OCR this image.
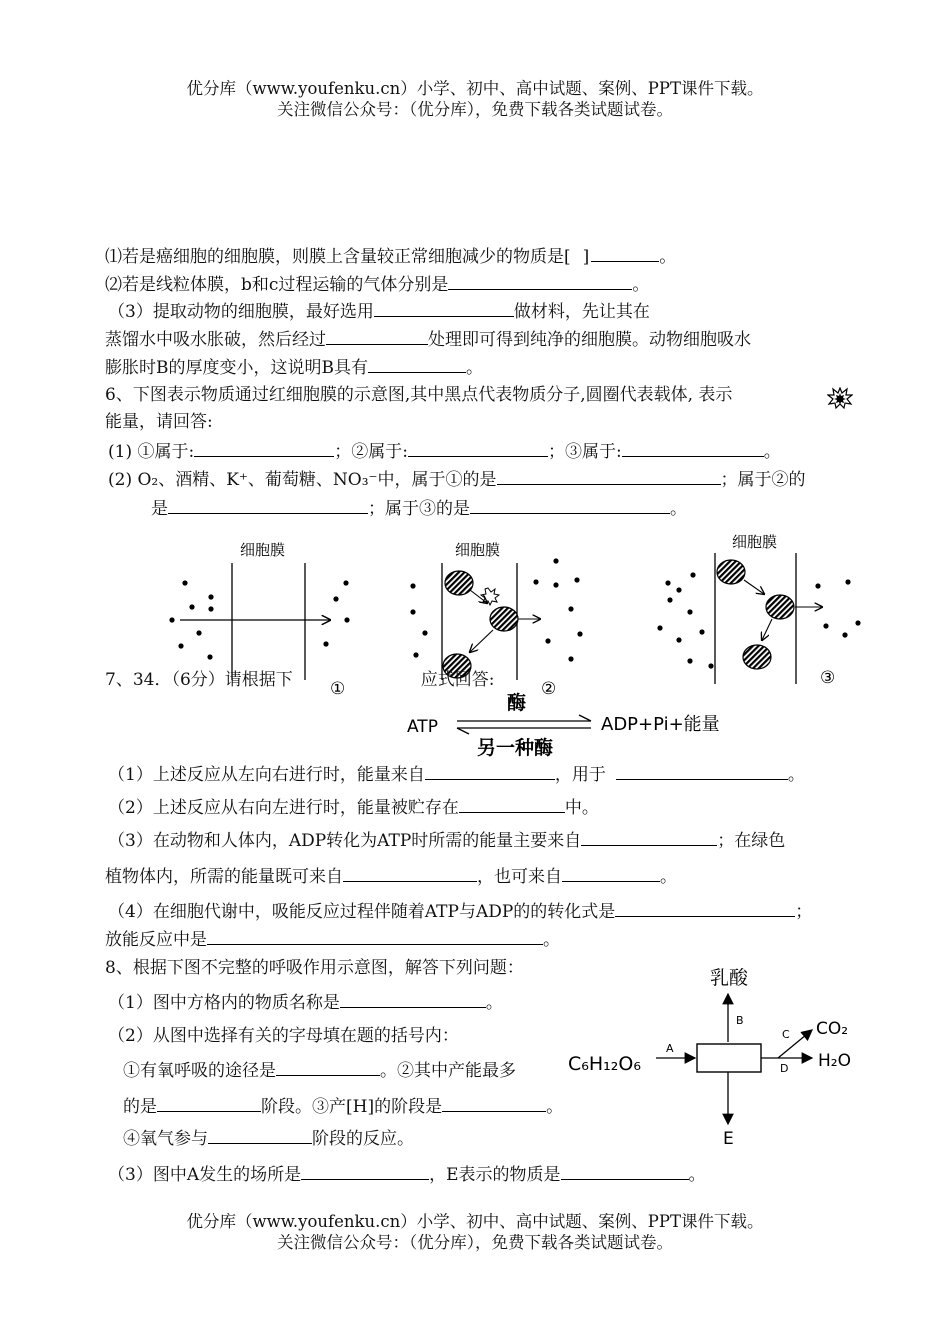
优分库（www.youfenku.cn）小学、初中、高中试题、案例、PPT课件下载。
关注微信公众号：（优分库），免费下载各类试题试卷。
⑴若是癌细胞的细胞膜，则膜上含量较正常细胞减少的物质是[ ]	。
⑵若是线粒体膜，b和c过程运输的气体分别是	。
（3）提取动物的细胞膜，最好选用	做材料，先让其在
蒸馏水中吸水胀破，然后经过	处理即可得到纯净的细胞膜。动物细胞吸水
膨胀时B的厚度变小，这说明B具有	。
6、下图表示物质通过红细胞膜的示意图,其中黑点代表物质分子,圆圈代表载体, 表示
能量，请回答:
(1) ①属于:	；②属于:	；③属于:	。
(2) O₂、酒精、K⁺、葡萄糖、NO₃⁻中，属于①的是	；属于②的
是	；属于③的是	。
细胞膜
①
细胞膜
②
细胞膜
③
7、34．（6分）请根据下	应式回答:
酶
ATP	ADP+Pi+能量
另一种酶
（1）上述反应从左向右进行时，能量来自	，用于	。
（2）上述反应从右向左进行时，能量被贮存在	中。
（3）在动物和人体内，ADP转化为ATP时所需的能量主要来自	；在绿色
植物体内，所需的能量既可来自	，也可来自	。
（4）在细胞代谢中，吸能反应过程伴随着ATP与ADP的的转化式是	；
放能反应中是	。
8、根据下图不完整的呼吸作用示意图，解答下列问题：
（1）图中方格内的物质名称是	。
（2）从图中选择有关的字母填在题的括号内：
①有氧呼吸的途径是	。②其中产能最多
的是	阶段。③产[H]的阶段是	。
④氧气参与	阶段的反应。
（3）图中A发生的场所是	，E表示的物质是	。
乳酸
B
C₆H₁₂O₆
A
D
C CO₂
H₂O
E
优分库（www.youfenku.cn）小学、初中、高中试题、案例、PPT课件下载。
关注微信公众号：（优分库），免费下载各类试题试卷。
